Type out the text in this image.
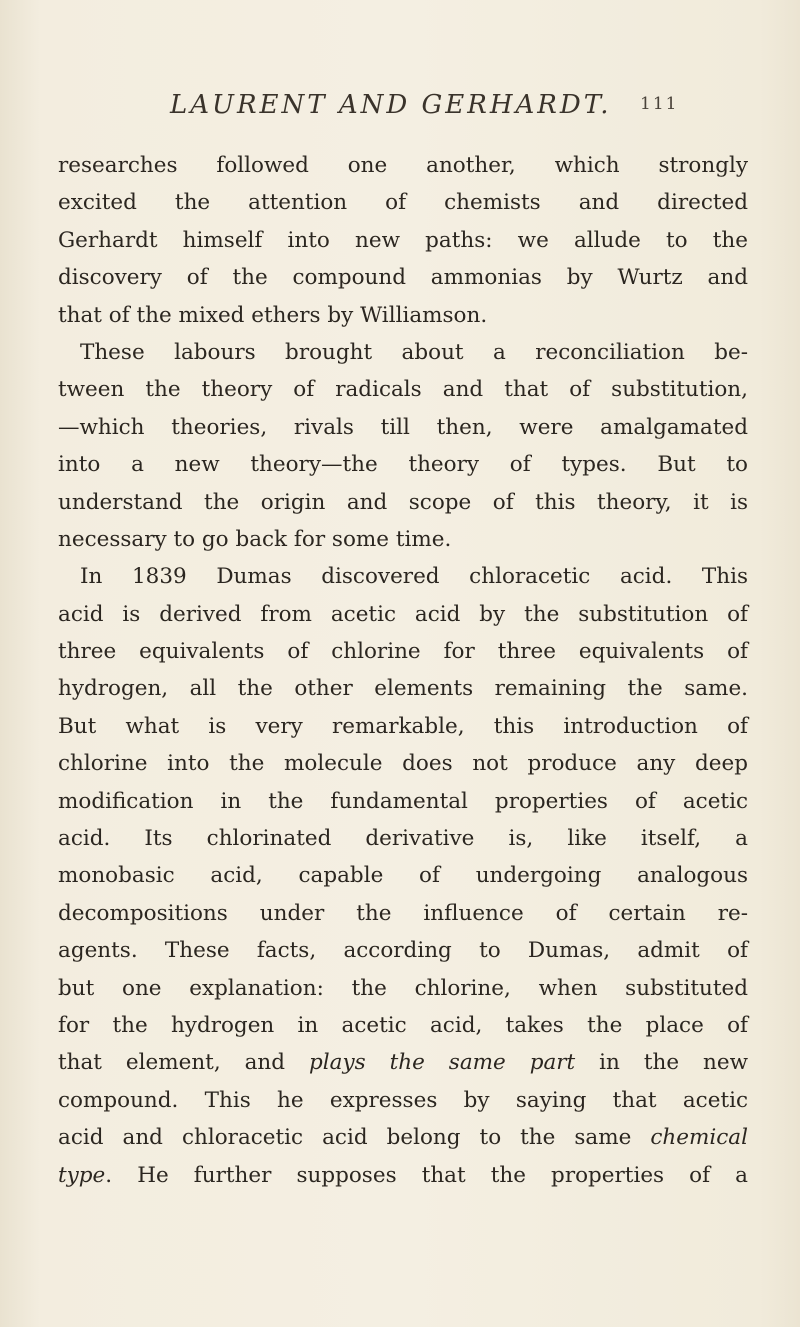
LAURENT AND GERHARDT. 111
researches followed one another, which strongly
excited the attention of chemists and directed
Gerhardt himself into new paths: we allude to the
discovery of the compound ammonias by Wurtz and
that of the mixed ethers by Williamson.
These labours brought about a reconciliation be-
tween the theory of radicals and that of substitution,
—which theories, rivals till then, were amalgamated
into a new theory—the theory of types. But to
understand the origin and scope of this theory, it is
necessary to go back for some time.
In 1839 Dumas discovered chloracetic acid. This
acid is derived from acetic acid by the substitution of
three equivalents of chlorine for three equivalents of
hydrogen, all the other elements remaining the same.
But what is very remarkable, this introduction of
chlorine into the molecule does not produce any deep
modification in the fundamental properties of acetic
acid. Its chlorinated derivative is, like itself, a
monobasic acid, capable of undergoing analogous
decompositions under the influence of certain re-
agents. These facts, according to Dumas, admit of
but one explanation: the chlorine, when substituted
for the hydrogen in acetic acid, takes the place of
that element, and plays the same part in the new
compound. This he expresses by saying that acetic
acid and chloracetic acid belong to the same chemical
type. He further supposes that the properties of a
